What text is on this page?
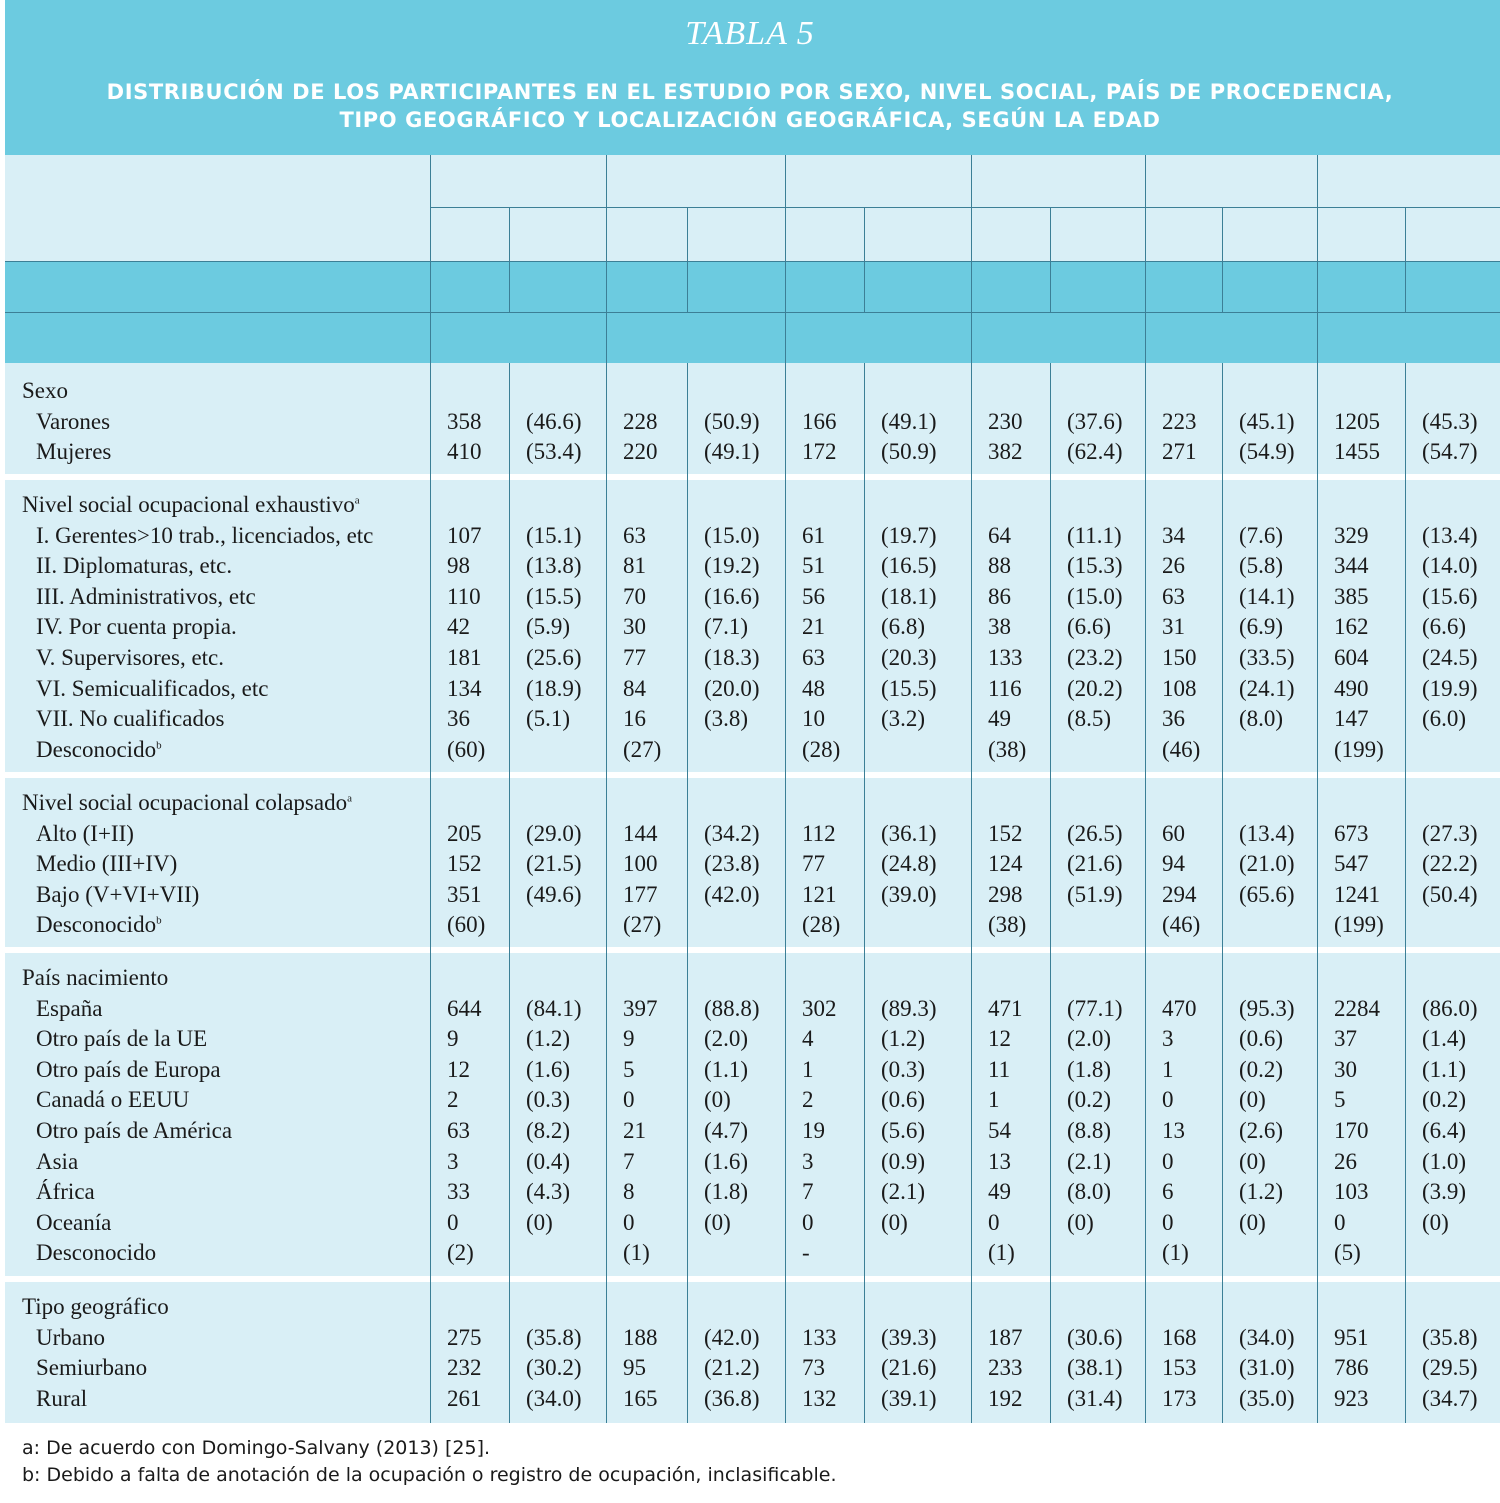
TABLA 5
DISTRIBUCIÓN DE LOS PARTICIPANTES EN EL ESTUDIO POR SEXO, NIVEL SOCIAL, PAÍS DE PROCEDENCIA,
TIPO GEOGRÁFICO Y LOCALIZACIÓN GEOGRÁFICA, SEGÚN LA EDAD
Sexo
Varones	358 (46.6) 228 (50.9) 166 (49.1) 230 (37.6) 223 (45.1) 1205 (45.3)
Mujeres	410 (53.4) 220 (49.1) 172 (50.9) 382 (62.4) 271 (54.9) 1455 (54.7)
Nivel social ocupacional exhaustivo$^a$
I. Gerentes>10 trab., licenciados, etc	107 (15.1) 63	(15.0) 61 (19.7) 64 (11.1) 34 (7.6) 329 (13.4)
II. Diplomaturas, etc.	98 (13.8) 81	(19.2) 51 (16.5) 88 (15.3) 26 (5.8) 344 (14.0)
III. Administrativos, etc	110 (15.5) 70	(16.6) 56 (18.1) 86 (15.0) 63 (14.1) 385 (15.6)
IV. Por cuenta propia.	42 (5.9) 30	(7.1) 21 (6.8)	38 (6.6) 31 (6.9) 162 (6.6)
V. Supervisores, etc.	181 (25.6) 77	(18.3) 63 (20.3) 133 (23.2) 150 (33.5) 604 (24.5)
VI. Semicualificados, etc	134 (18.9) 84	(20.0) 48 (15.5) 116 (20.2) 108 (24.1) 490 (19.9)
VII. No cualificados	36 (5.1) 16	(3.8) 10 (3.2)	49 (8.5) 36 (8.0) 147 (6.0)
Desconocido$^b$	(60)	(27)	(28)	(38)	(46)	(199)
Nivel social ocupacional colapsado$^a$
Alto (I+II)	205 (29.0) 144 (34.2) 112 (36.1) 152 (26.5) 60 (13.4) 673 (27.3)
Medio (III+IV)	152 (21.5) 100 (23.8) 77 (24.8) 124 (21.6) 94 (21.0) 547 (22.2)
Bajo (V+VI+VII)	351 (49.6) 177 (42.0) 121 (39.0) 298 (51.9) 294 (65.6) 1241 (50.4)
Desconocido$^b$	(60)	(27)	(28)	(38)	(46)	(199)
País nacimiento
España	644 (84.1) 397 (88.8) 302 (89.3) 471 (77.1) 470 (95.3) 2284 (86.0)
Otro país de la UE	9	(1.2) 9	(2.0) 4	(1.2)	12 (2.0) 3	(0.6) 37	(1.4)
Otro país de Europa	12 (1.6) 5	(1.1) 1	(0.3)	11 (1.8) 1	(0.2) 30	(1.1)
Canadá o EEUU	2	(0.3) 0	(0)	2	(0.6)	1	(0.2) 0	(0)	5	(0.2)
Otro país de América	63 (8.2) 21	(4.7) 19 (5.6)	54 (8.8) 13 (2.6) 170 (6.4)
Asia	3	(0.4) 7	(1.6) 3	(0.9)	13 (2.1) 0	(0)	26	(1.0)
África	33 (4.3) 8	(1.8) 7	(2.1)	49 (8.0) 6	(1.2) 103 (3.9)
Oceanía	0	(0)	0	(0)	0	(0)	0	(0)	0	(0)	0	(0)
Desconocido	(2)	(1)	-	(1)	(1)	(5)
Tipo geográfico
Urbano	275 (35.8) 188 (42.0) 133 (39.3) 187 (30.6) 168 (34.0) 951 (35.8)
Semiurbano	232 (30.2) 95	(21.2) 73 (21.6) 233 (38.1) 153 (31.0) 786 (29.5)
Rural	261 (34.0) 165 (36.8) 132 (39.1) 192 (31.4) 173 (35.0) 923 (34.7)
a: De acuerdo con Domingo-Salvany (2013) [25].
b: Debido a falta de anotación de la ocupación o registro de ocupación, inclasificable.
